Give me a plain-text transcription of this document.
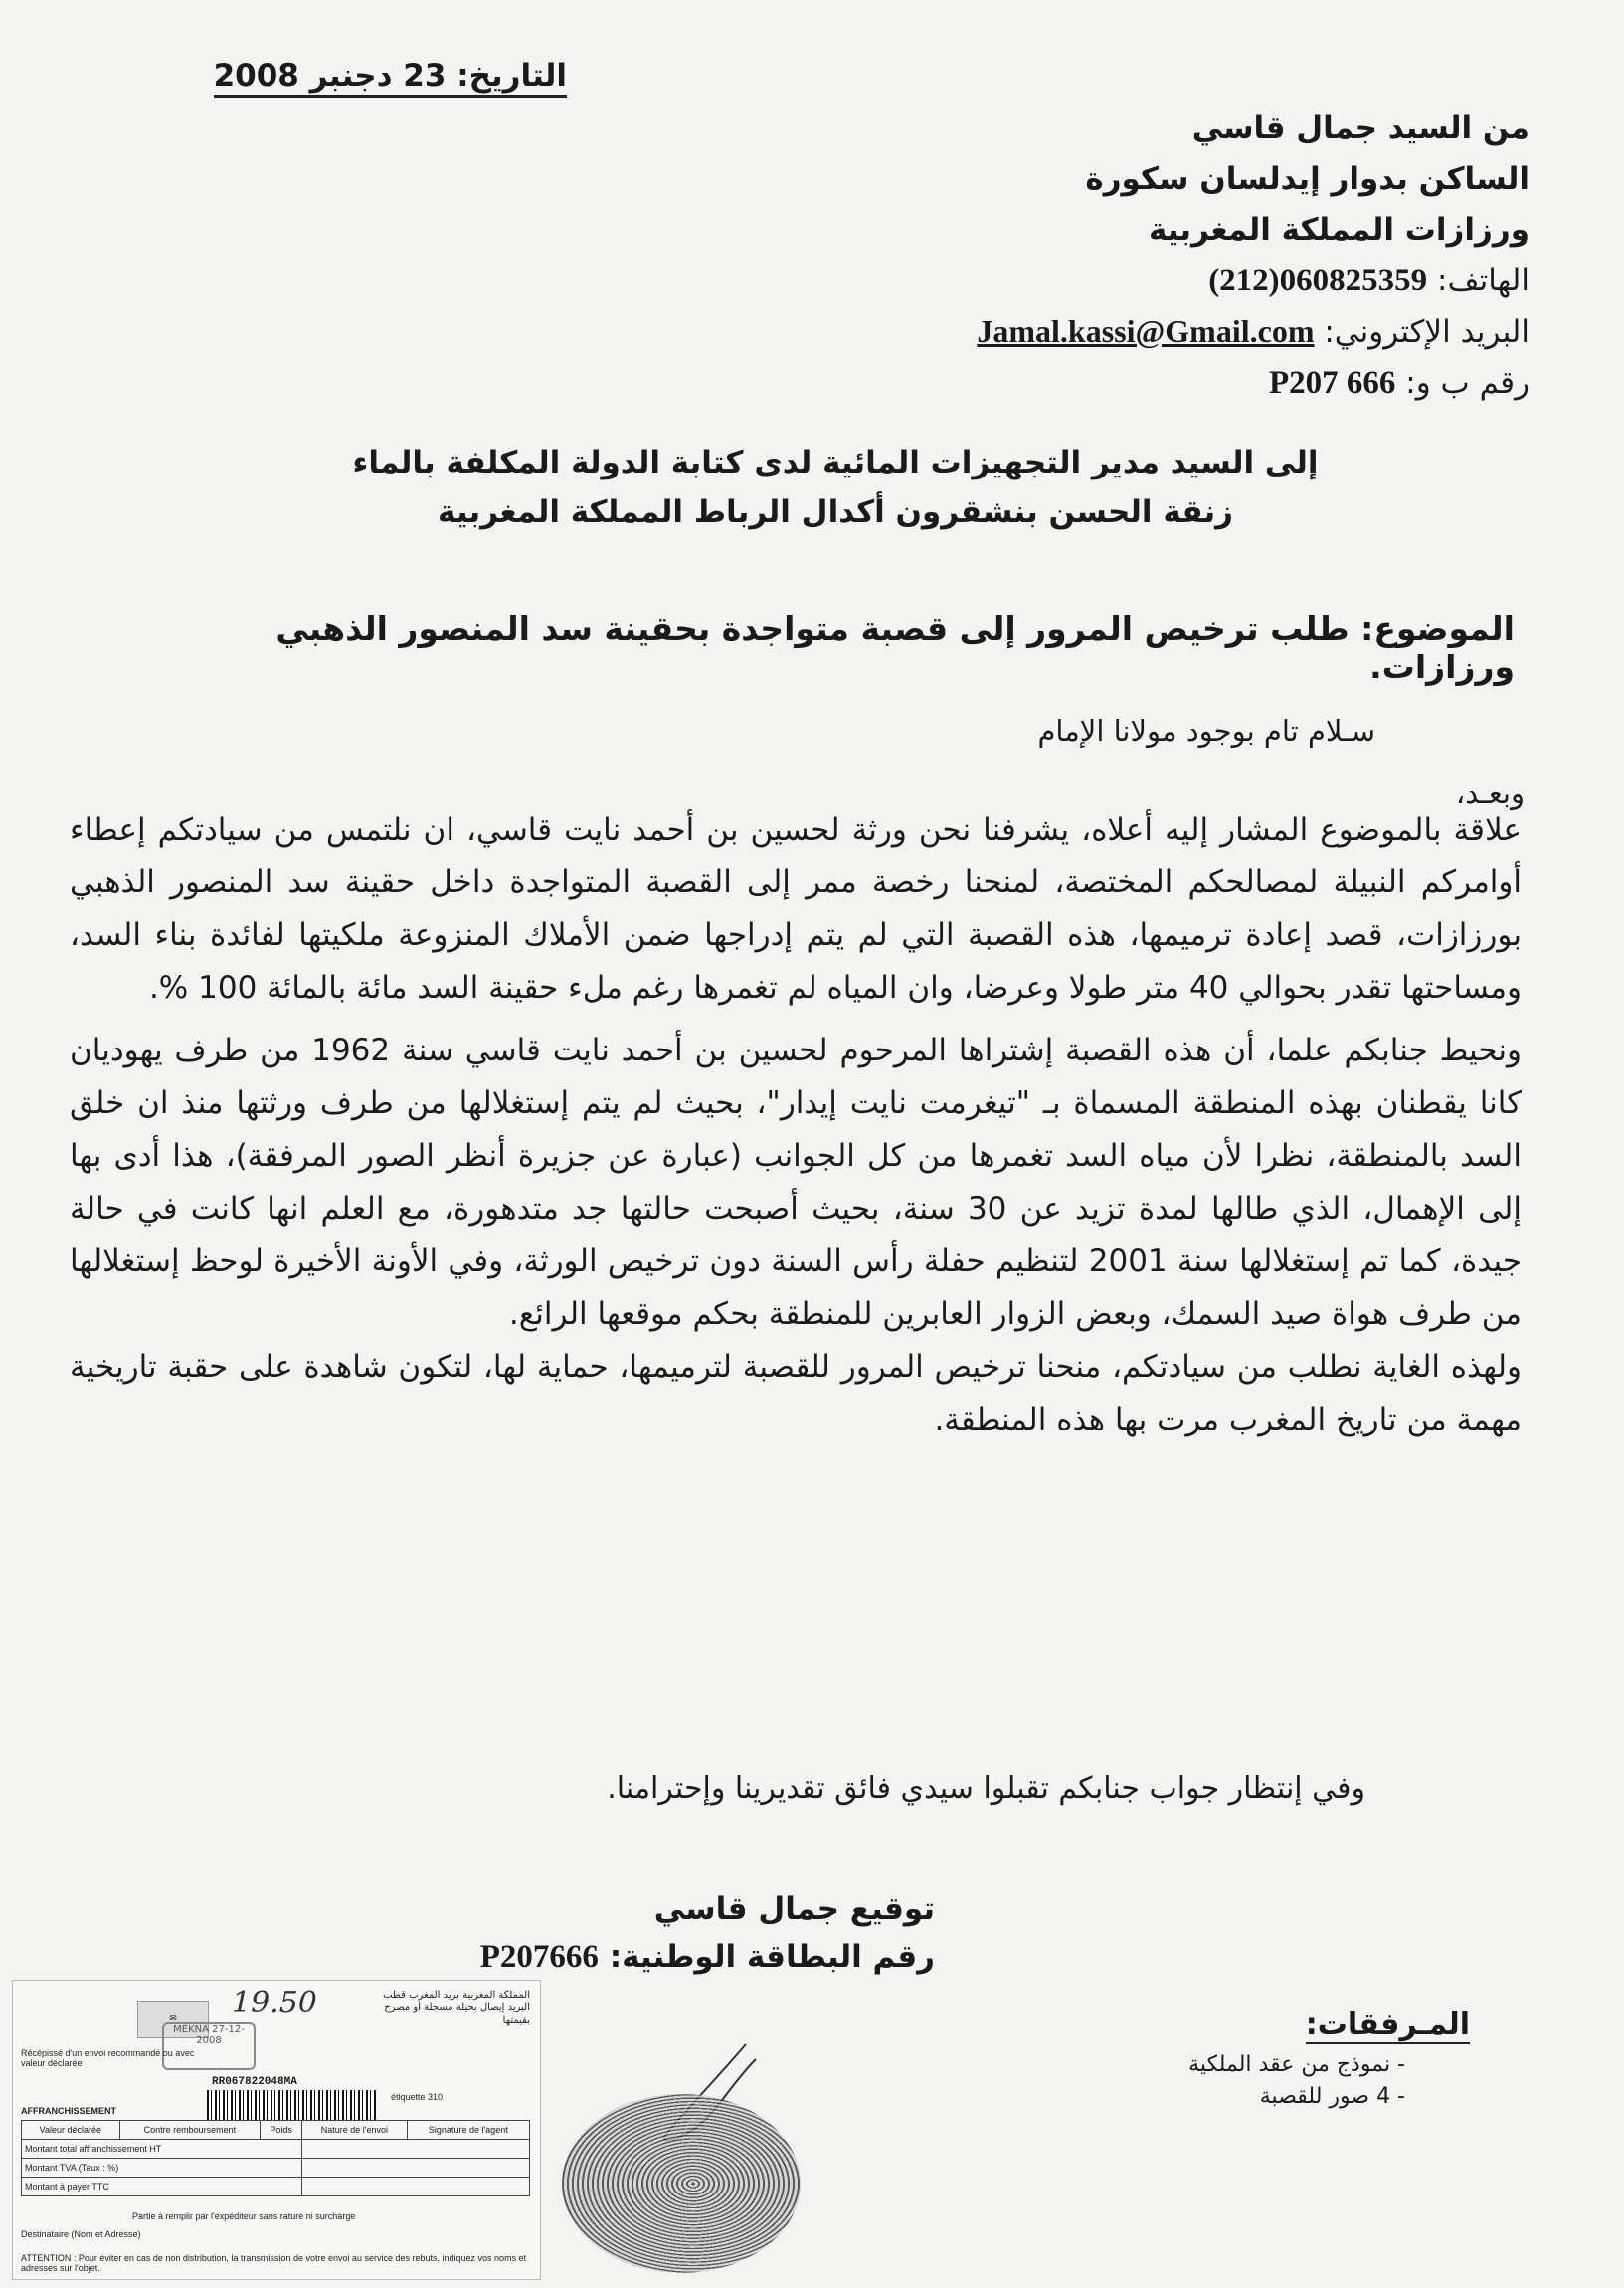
التاريخ: 23 دجنبر 2008
من السيد جمال قاسي
الساكن بدوار إيدلسان سكورة
ورزازات المملكة المغربية
الهاتف: (212)060825359
البريد الإكتروني: Jamal.kassi@Gmail.com
رقم ب و: P207 666
إلى السيد مدير التجهيزات المائية لدى كتابة الدولة المكلفة بالماء
زنقة الحسن بنشقرون أكدال الرباط المملكة المغربية
الموضوع: طلب ترخيص المرور إلى قصبة متواجدة بحقينة سد المنصور الذهبي ورزازات.
سـلام تام بوجود مولانا الإمام
وبعـد،

علاقة بالموضوع المشار إليه أعلاه، يشرفنا نحن ورثة لحسين بن أحمد نايت قاسي، ان نلتمس من سيادتكم إعطاء أوامركم النبيلة لمصالحكم المختصة، لمنحنا رخصة ممر إلى القصبة المتواجدة داخل حقينة سد المنصور الذهبي بورزازات، قصد إعادة ترميمها، هذه القصبة التي لم يتم إدراجها ضمن الأملاك المنزوعة ملكيتها لفائدة بناء السد، ومساحتها تقدر بحوالي 40 متر طولا وعرضا، وان المياه لم تغمرها رغم ملء حقينة السد مائة بالمائة 100 %.

ونحيط جنابكم علما، أن هذه القصبة إشتراها المرحوم لحسين بن أحمد نايت قاسي سنة 1962 من طرف يهوديان كانا يقطنان بهذه المنطقة المسماة بـ "تيغرمت نايت إيدار"، بحيث لم يتم إستغلالها من طرف ورثتها منذ ان خلق السد بالمنطقة، نظرا لأن مياه السد تغمرها من كل الجوانب (عبارة عن جزيرة أنظر الصور المرفقة)، هذا أدى بها إلى الإهمال، الذي طالها لمدة تزيد عن 30 سنة، بحيث أصبحت حالتها جد متدهورة، مع العلم انها كانت في حالة جيدة، كما تم إستغلالها سنة 2001 لتنظيم حفلة رأس السنة دون ترخيص الورثة، وفي الأونة الأخيرة لوحظ إستغلالها من طرف هواة صيد السمك، وبعض الزوار العابرين للمنطقة بحكم موقعها الرائع.

ولهذه الغاية نطلب من سيادتكم، منحنا ترخيص المرور للقصبة لترميمها، حماية لها، لتكون شاهدة على حقبة تاريخية مهمة من تاريخ المغرب مرت بها هذه المنطقة.

وفي إنتظار جواب جنابكم تقبلوا سيدي فائق تقديرينا وإحترامنا.
توقيع جمال قاسي
رقم البطاقة الوطنية: P207666
المـرفقات:
- نموذج من عقد الملكية
- 4 صور للقصبة
✉	19.50
MEKNA 27-12-2008
المملكة المغربية بريد المغرب قطب البريد إيصال بحيلة مسجلة أو مصرح بقيمتها
Récépissé d'un envoi recommandé ou avec valeur déclarée
RR067822048MA
AFFRANCHISSEMENT
étiquette 310
Valeur déclarée	Contre remboursement	Poids	Nature de l'envoi	Signature de l'agent
Montant total affranchissement HT				
Montant TVA (Taux : %)				
Montant à payer TTC				
Partie à remplir par l'expéditeur sans rature ni surcharge
Destinataire (Nom et Adresse)
ATTENTION : Pour éviter en cas de non distribution, la transmission de votre envoi au service des rebuts, indiquez vos noms et adresses sur l'objet.
